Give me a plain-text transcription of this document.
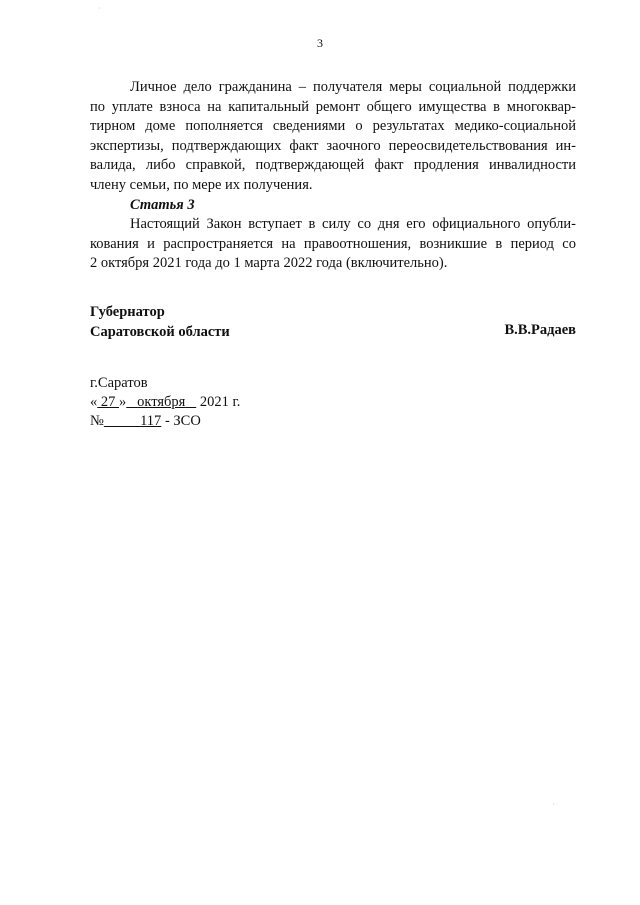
3

Личное дело гражданина – получателя меры социальной поддержки
по уплате взноса на капитальный ремонт общего имущества в многоквар-
тирном доме пополняется сведениями о результатах медико-социальной
экспертизы, подтверждающих факт заочного переосвидетельствования ин-
валида, либо справкой, подтверждающей факт продления инвалидности
члену семьи, по мере их получения.

Статья 3

Настоящий Закон вступает в силу со дня его официального опубли-
кования и распространяется на правоотношения, возникшие в период со
2 октября 2021 года до 1 марта 2022 года (включительно).

Губернатор
Саратовской области	В.В.Радаев
г.Саратов
« 27 » октября    2021 г.
№	117 - ЗСО
·
·
